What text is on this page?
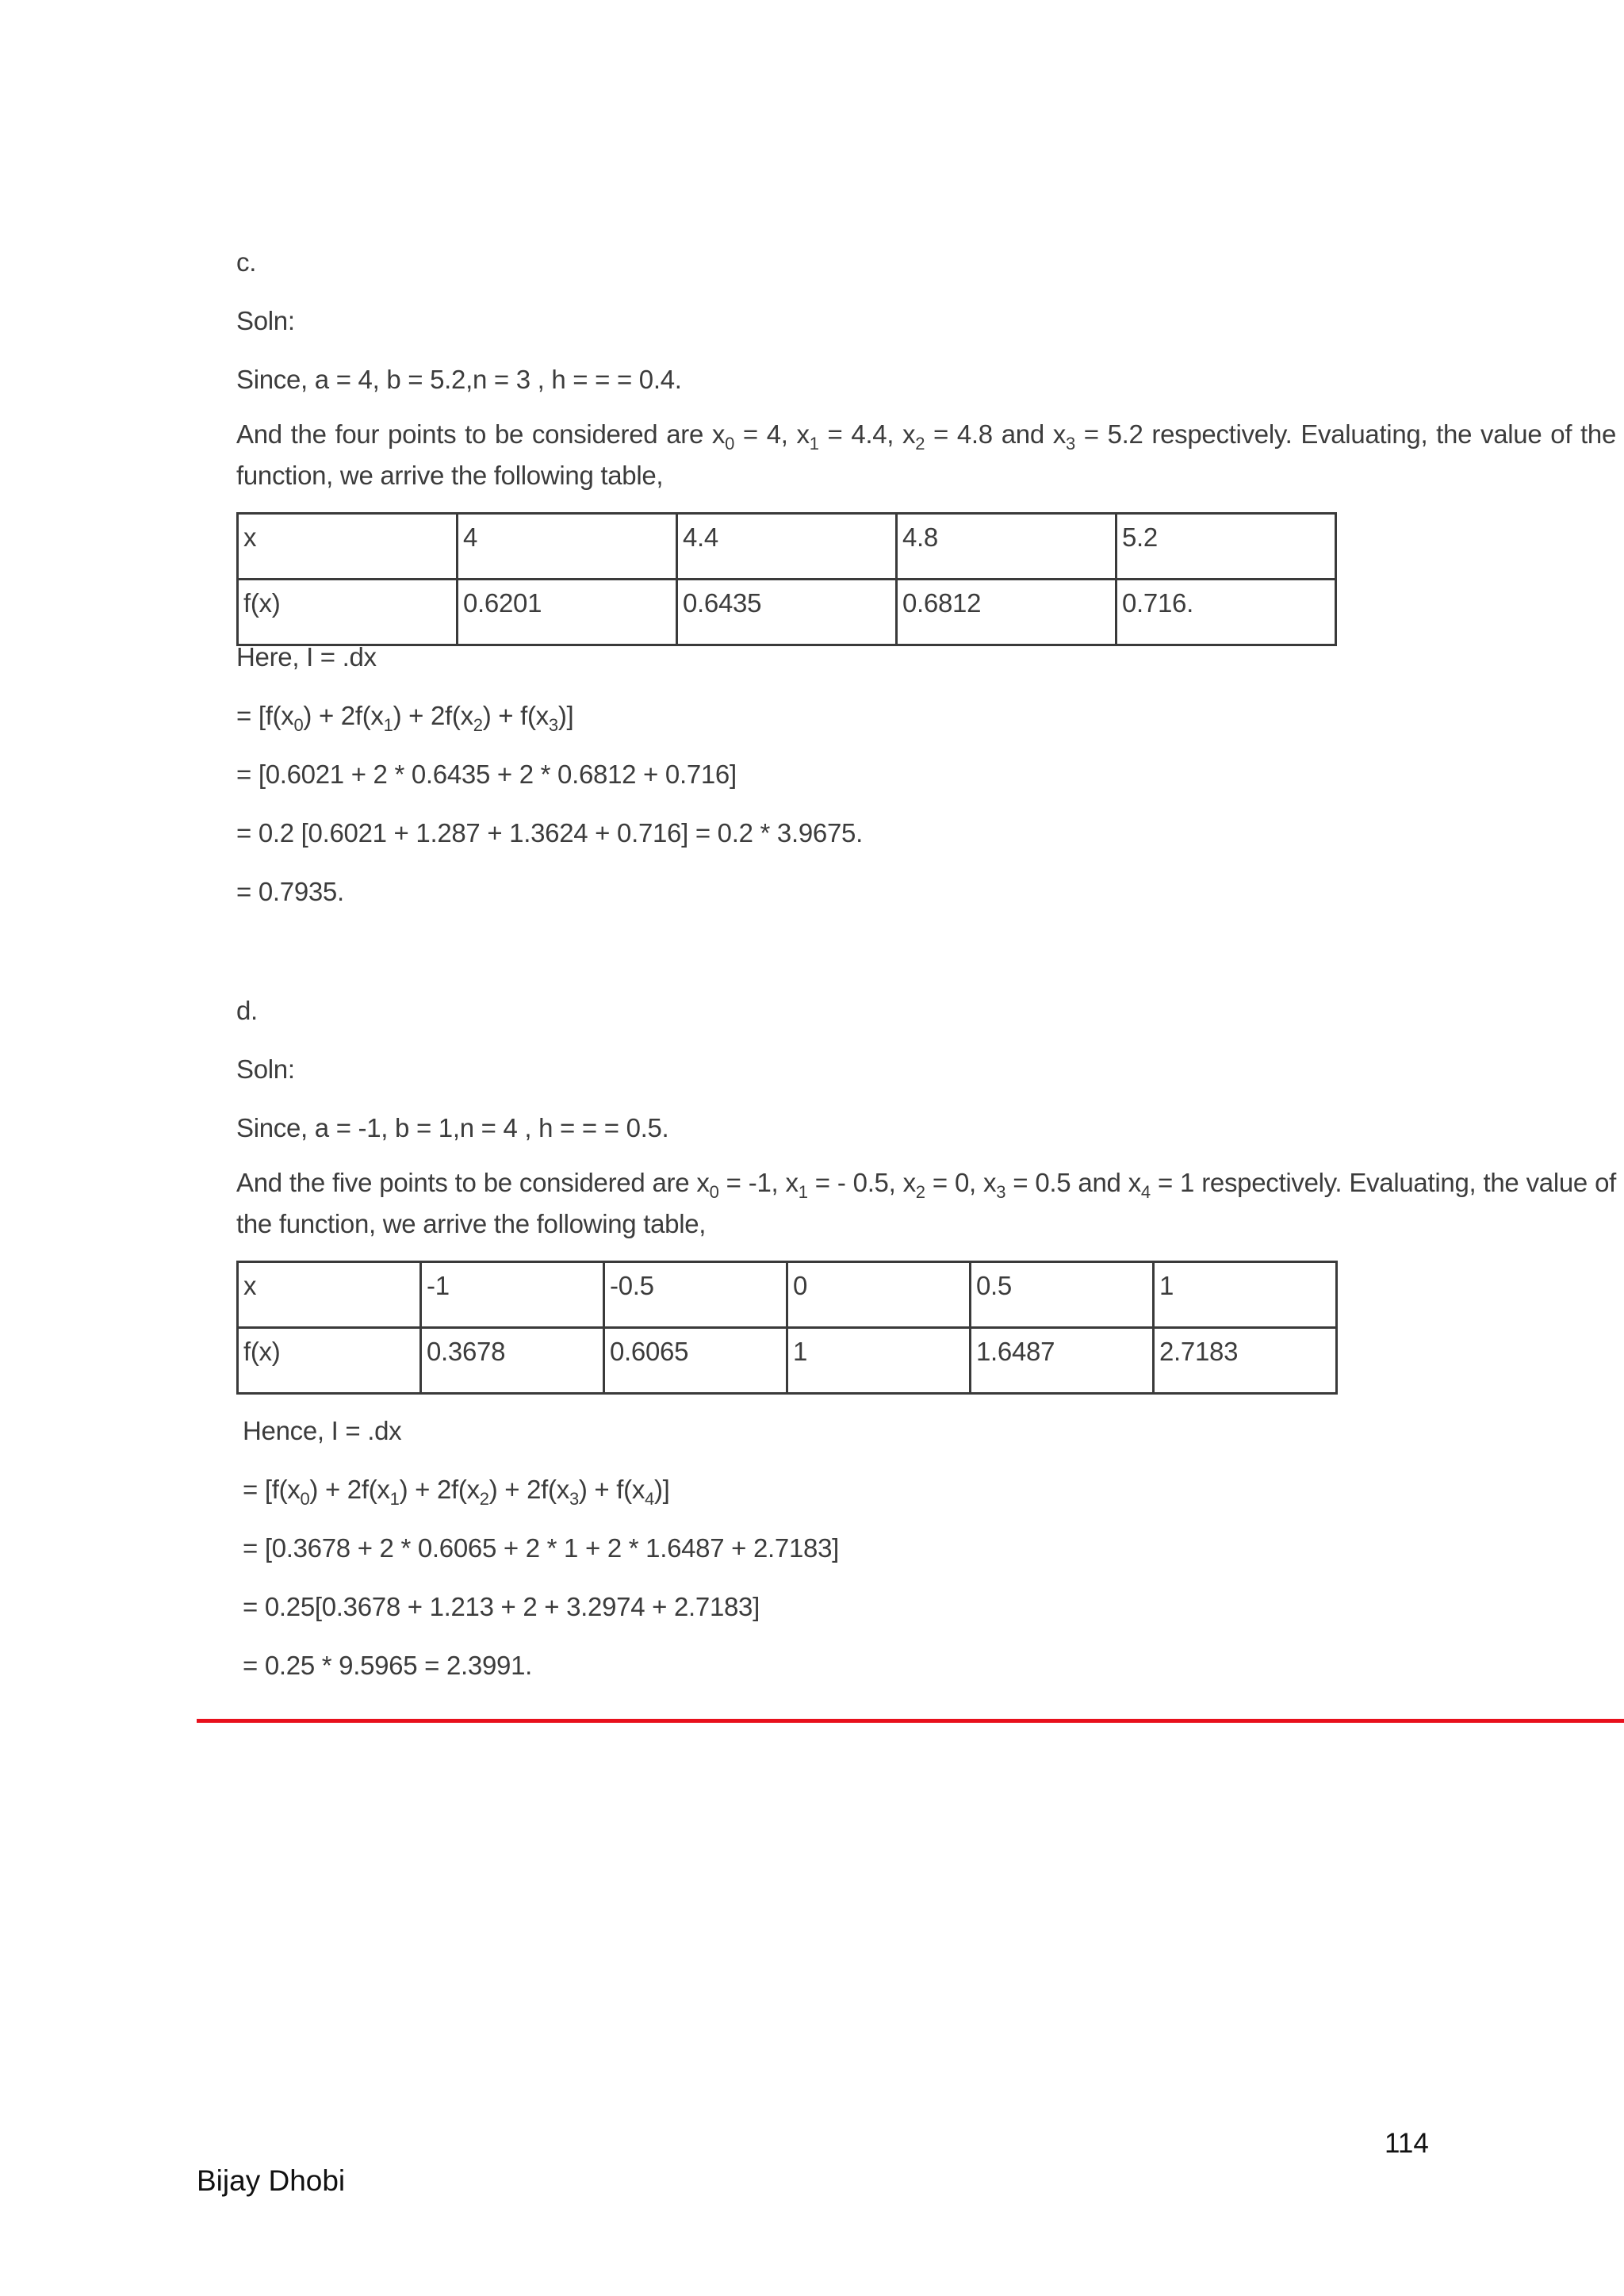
c.

Soln:

Since, a = 4, b = 5.2,n = 3 , h = = = 0.4.

And the four points to be considered are $x_0 = 4$, $x_1 = 4.4$, $x_2 = 4.8$ and $x_3 = 5.2$ respectively. Evaluating, the value of the function, we arrive the following table,

x	4	4.4	4.8	5.2
f(x)	0.6201	0.6435	0.6812	0.716.

Here, I = .dx

= $[f(x_0) + 2f(x_1) + 2f(x_2) + f(x_3)]$

= [0.6021 + 2 * 0.6435 + 2 * 0.6812 + 0.716]

= 0.2 [0.6021 + 1.287 + 1.3624 + 0.716] = 0.2 * 3.9675.

= 0.7935.

d.

Soln:

Since, a = -1, b = 1,n = 4 , h = = = 0.5.

And the five points to be considered are $x_0 = -1$, $x_1$ = - 0.5, $x_2 = 0$, $x_3 = 0.5$ and $x_4 = 1$ respectively. Evaluating, the value of the function, we arrive the following table,

x	-1	-0.5	0	0.5	1
f(x)	0.3678	0.6065	1	1.6487	2.7183

Hence, I = .dx

= $[f(x_0) + 2f(x_1) + 2f(x_2) + 2f(x_3) + f(x_4)]$

= [0.3678 + 2 * 0.6065 + 2 * 1 + 2 * 1.6487 + 2.7183]

= 0.25[0.3678 + 1.213 + 2 + 3.2974 + 2.7183]

= 0.25 * 9.5965 = 2.3991.

114
Bijay Dhobi
